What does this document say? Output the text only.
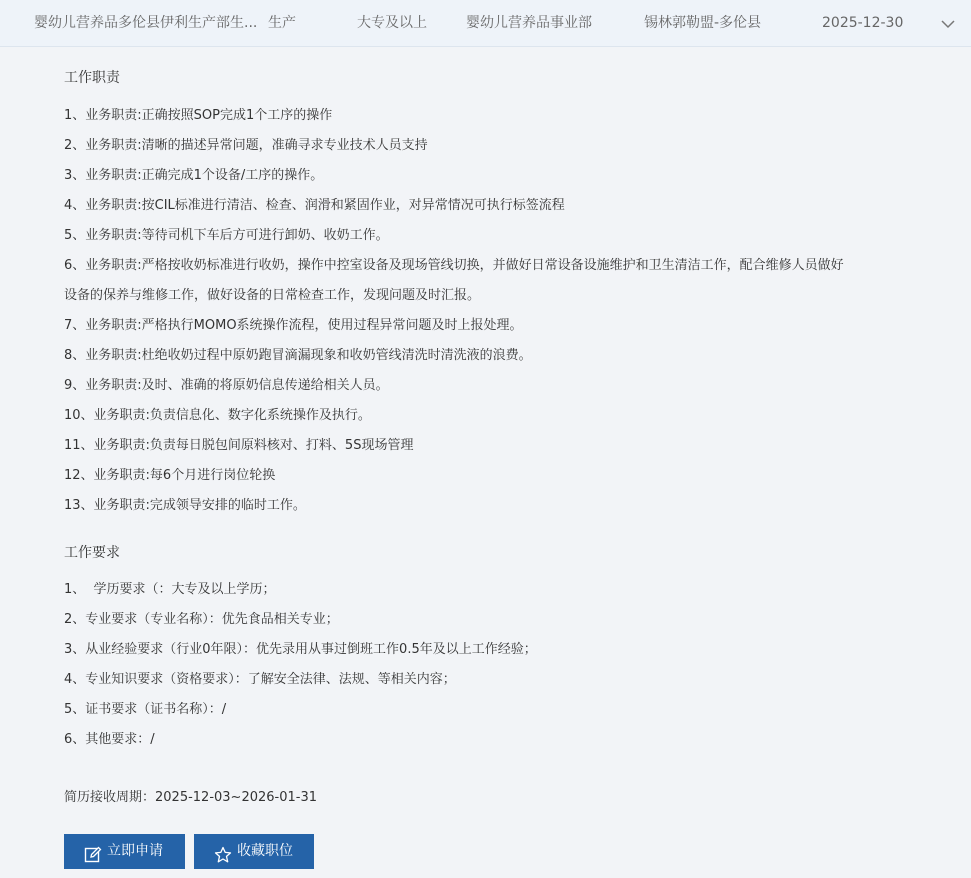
婴幼儿营养品多伦县伊利生产部生... 生产	大专及以上	婴幼儿营养品事业部	锡林郭勒盟-多伦县	2025-12-30
工作职责
1、业务职责:正确按照SOP完成1个工序的操作
2、业务职责:清晰的描述异常问题，准确寻求专业技术人员支持
3、业务职责:正确完成1个设备/工序的操作。
4、业务职责:按CIL标准进行清洁、检查、润滑和紧固作业，对异常情况可执行标签流程
5、业务职责:等待司机下车后方可进行卸奶、收奶工作。
6、业务职责:严格按收奶标准进行收奶，操作中控室设备及现场管线切换，并做好日常设备设施维护和卫生清洁工作，配合维修人员做好
设备的保养与维修工作，做好设备的日常检查工作，发现问题及时汇报。
7、业务职责:严格执行MOMO系统操作流程，使用过程异常问题及时上报处理。
8、业务职责:杜绝收奶过程中原奶跑冒滴漏现象和收奶管线清洗时清洗液的浪费。
9、业务职责:及时、准确的将原奶信息传递给相关人员。
10、业务职责:负责信息化、数字化系统操作及执行。
11、业务职责:负责每日脱包间原料核对、打料、5S现场管理
12、业务职责:每6个月进行岗位轮换
13、业务职责:完成领导安排的临时工作。
工作要求
1、  学历要求（：大专及以上学历；
2、专业要求（专业名称）：优先食品相关专业；
3、从业经验要求（行业0年限）：优先录用从事过倒班工作0.5年及以上工作经验；
4、专业知识要求（资格要求）：了解安全法律、法规、等相关内容；
5、证书要求（证书名称）：/
6、其他要求：/
简历接收周期：2025-12-03~2026-01-31
立即申请	收藏职位
